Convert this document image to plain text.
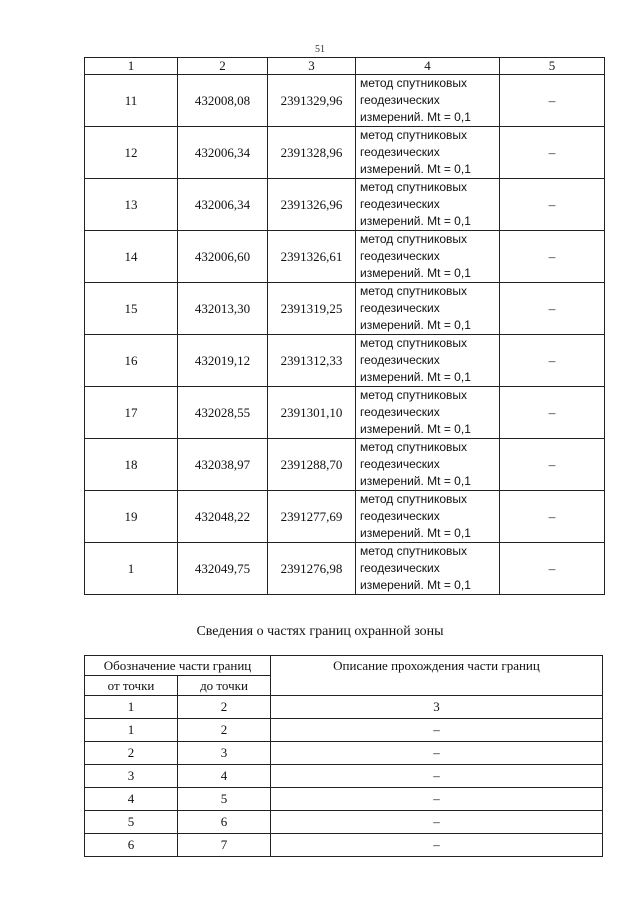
51
1	2	3	4	5
11	432008,08	2391329,96	метод спутниковых
геодезических
измерений. Mt = 0,1	–
12	432006,34	2391328,96	метод спутниковых
геодезических
измерений. Mt = 0,1	–
13	432006,34	2391326,96	метод спутниковых
геодезических
измерений. Mt = 0,1	–
14	432006,60	2391326,61	метод спутниковых
геодезических
измерений. Mt = 0,1	–
15	432013,30	2391319,25	метод спутниковых
геодезических
измерений. Mt = 0,1	–
16	432019,12	2391312,33	метод спутниковых
геодезических
измерений. Mt = 0,1	–
17	432028,55	2391301,10	метод спутниковых
геодезических
измерений. Mt = 0,1	–
18	432038,97	2391288,70	метод спутниковых
геодезических
измерений. Mt = 0,1	–
19	432048,22	2391277,69	метод спутниковых
геодезических
измерений. Mt = 0,1	–
1	432049,75	2391276,98	метод спутниковых
геодезических
измерений. Mt = 0,1	–
Сведения о частях границ охранной зоны
Обозначение части границ		Описание прохождения части границ
от точки	до точки	
1	2	3
1	2	–
2	3	–
3	4	–
4	5	–
5	6	–
6	7	–
